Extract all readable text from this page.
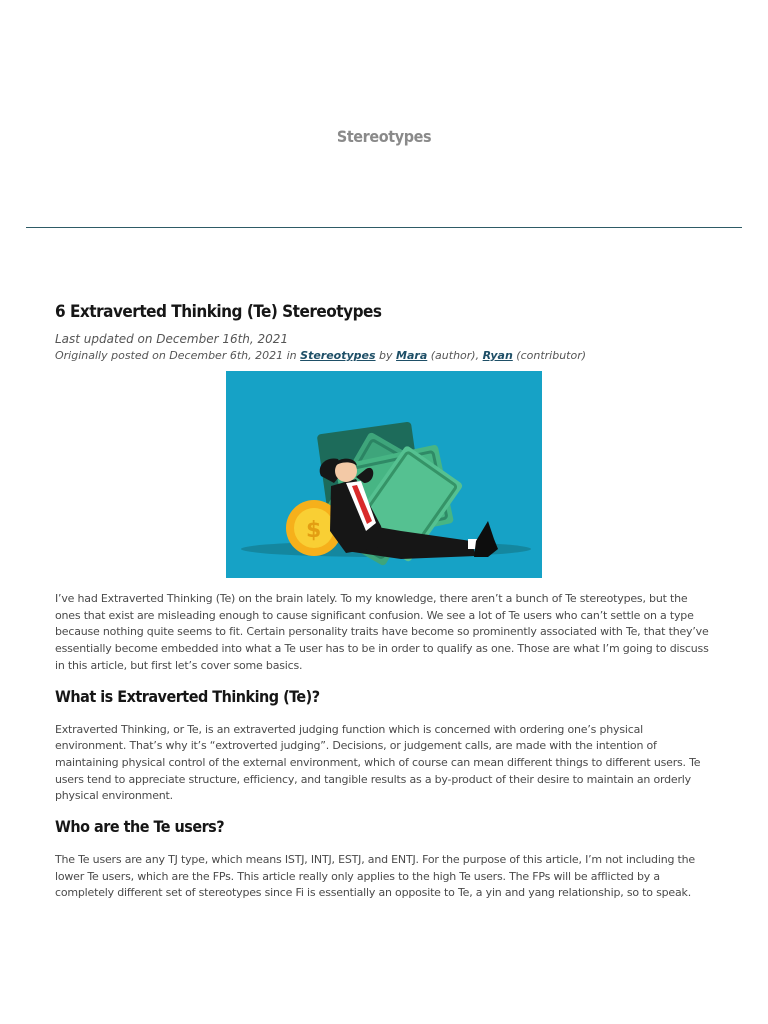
Stereotypes
6 Extraverted Thinking (Te) Stereotypes
Last updated on December 16th, 2021
Originally posted on December 6th, 2021 in Stereotypes by Mara (author), Ryan (contributor)
$

I’ve had Extraverted Thinking (Te) on the brain lately. To my knowledge, there aren’t a bunch of Te stereotypes, but the ones that exist are misleading enough to cause significant confusion. We see a lot of Te users who can’t settle on a type because nothing quite seems to fit. Certain personality traits have become so prominently associated with Te, that they’ve essentially become embedded into what a Te user has to be in order to qualify as one. Those are what I’m going to discuss in this article, but first let’s cover some basics.

What is Extraverted Thinking (Te)?

Extraverted Thinking, or Te, is an extraverted judging function which is concerned with ordering one’s physical environment. That’s why it’s “extroverted judging”. Decisions, or judgement calls, are made with the intention of maintaining physical control of the external environment, which of course can mean different things to different users. Te users tend to appreciate structure, efficiency, and tangible results as a by-product of their desire to maintain an orderly physical environment.

Who are the Te users?

The Te users are any TJ type, which means ISTJ, INTJ, ESTJ, and ENTJ. For the purpose of this article, I’m not including the lower Te users, which are the FPs. This article really only applies to the high Te users. The FPs will be afflicted by a completely different set of stereotypes since Fi is essentially an opposite to Te, a yin and yang relationship, so to speak.
